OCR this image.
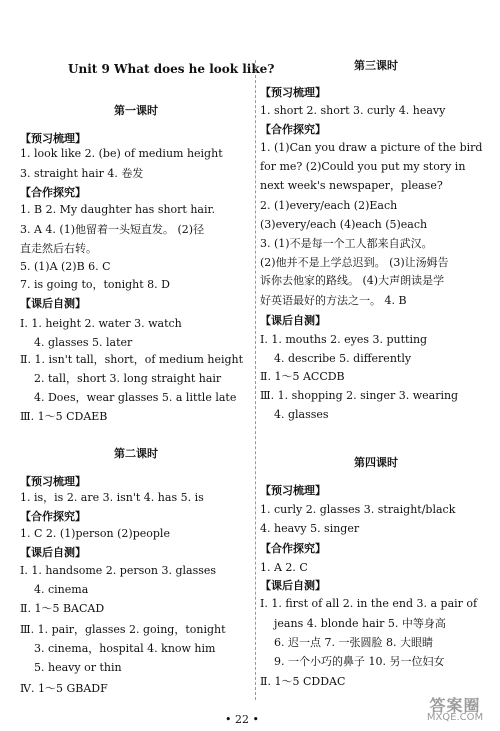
Unit 9 What does he look like?
第一课时
【预习梳理】
1. look like 2. (be) of medium height
3. straight hair 4. 卷发
【合作探究】
1. B 2. My daughter has short hair.
3. A 4. (1)他留着一头短直发。 (2)径
直走然后右转。
5. (1)A (2)B 6. C
7. is going to，tonight 8. D
【课后自测】
Ⅰ. 1. height 2. water 3. watch
4. glasses 5. later
Ⅱ. 1. isn't tall，short，of medium height
2. tall，short 3. long straight hair
4. Does，wear glasses 5. a little late
Ⅲ. 1～5 CDAEB
第二课时
【预习梳理】
1. is，is 2. are 3. isn't 4. has 5. is
【合作探究】
1. C 2. (1)person (2)people
【课后自测】
Ⅰ. 1. handsome 2. person 3. glasses
4. cinema
Ⅱ. 1～5 BACAD
Ⅲ. 1. pair，glasses 2. going，tonight
3. cinema，hospital 4. know him
5. heavy or thin
Ⅳ. 1～5 GBADF
第三课时
【预习梳理】
1. short 2. short 3. curly 4. heavy
【合作探究】
1. (1)Can you draw a picture of the bird
for me? (2)Could you put my story in
next week's newspaper，please?
2. (1)every/each (2)Each
(3)every/each (4)each (5)each
3. (1)不是每一个工人都来自武汉。
(2)他并不是上学总迟到。 (3)让汤姆告
诉你去他家的路线。 (4)大声朗读是学
好英语最好的方法之一。 4. B
【课后自测】
Ⅰ. 1. mouths 2. eyes 3. putting
4. describe 5. differently
Ⅱ. 1～5 ACCDB
Ⅲ. 1. shopping 2. singer 3. wearing
4. glasses
第四课时
【预习梳理】
1. curly 2. glasses 3. straight/black
4. heavy 5. singer
【合作探究】
1. A 2. C
【课后自测】
Ⅰ. 1. first of all 2. in the end 3. a pair of
jeans 4. blonde hair 5. 中等身高
6. 迟一点 7. 一张圆脸 8. 大眼睛
9. 一个小巧的鼻子 10. 另一位妇女
Ⅱ. 1～5 CDDAC
• 22 •
答案圈
MXQE.COM
